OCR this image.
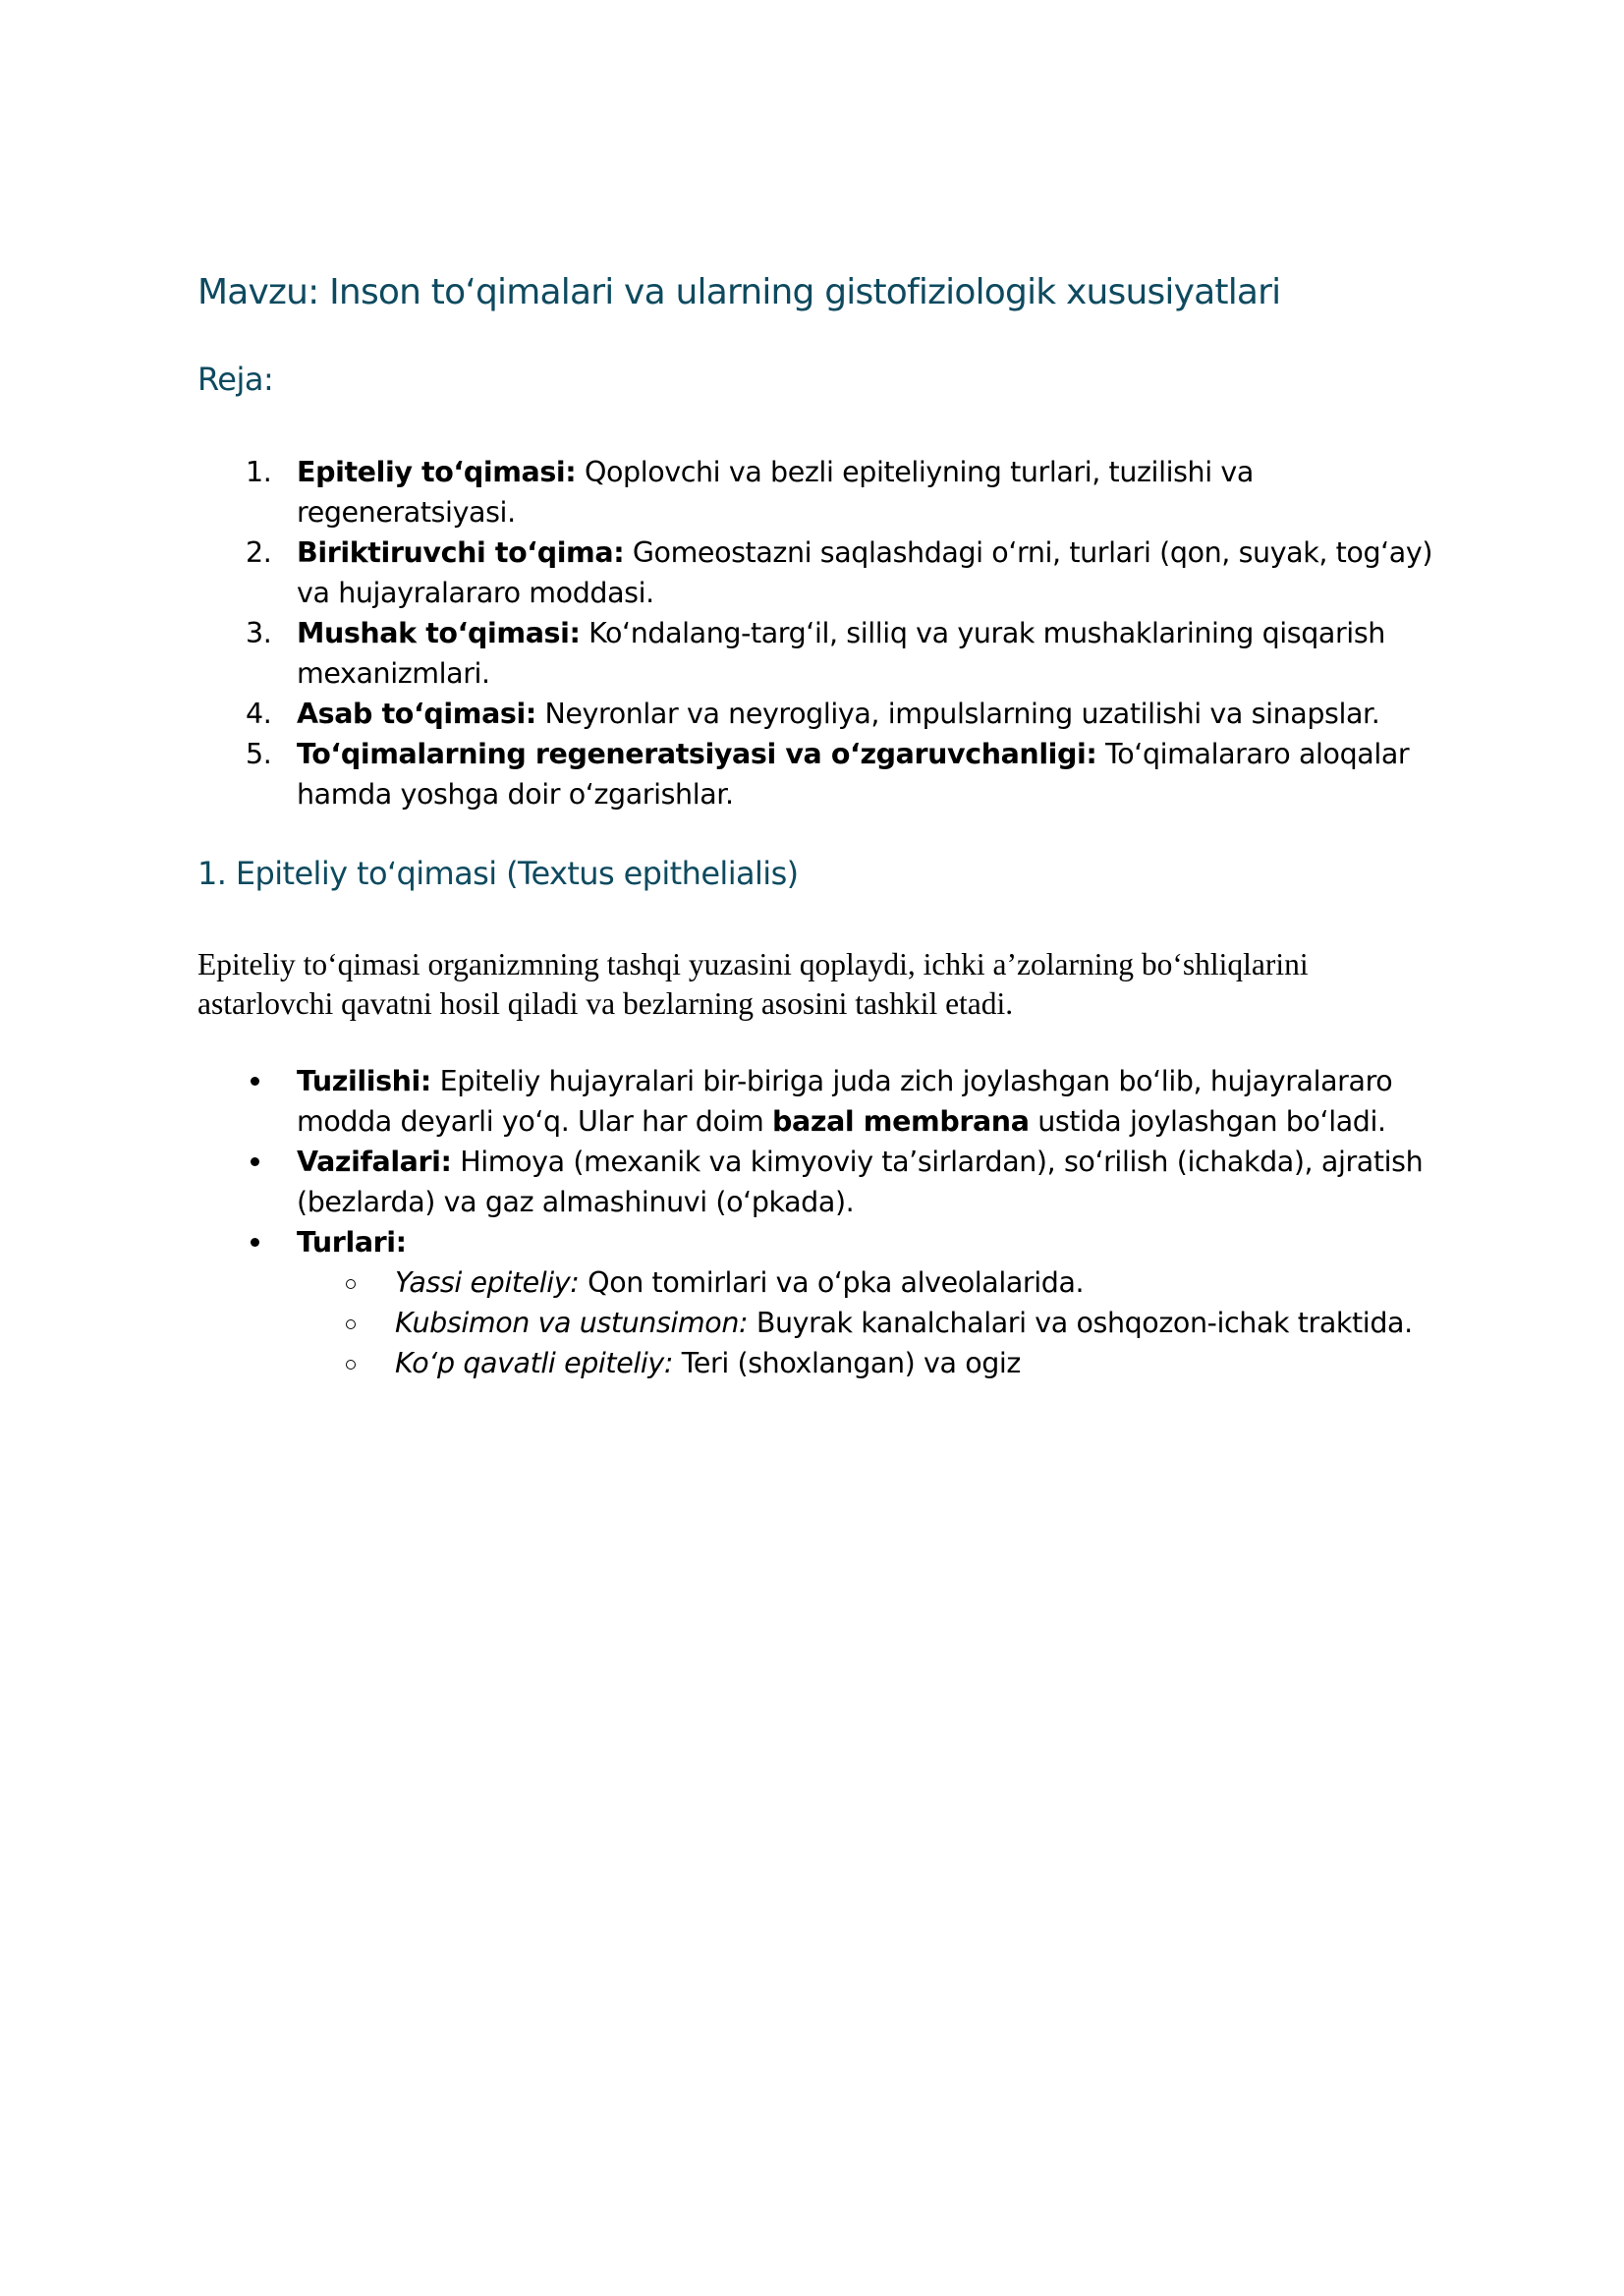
Mavzu: Inson to‘qimalari va ularning gistofiziologik xususiyatlari
Reja:
1. Epiteliy to‘qimasi: Qoplovchi va bezli epiteliyning turlari, tuzilishi va regeneratsiyasi.
2. Biriktiruvchi to‘qima: Gomeostazni saqlashdagi o‘rni, turlari (qon, suyak, tog‘ay) va hujayralararo moddasi.
3. Mushak to‘qimasi: Ko‘ndalang-targ‘il, silliq va yurak mushaklarining qisqarish mexanizmlari.
4. Asab to‘qimasi: Neyronlar va neyrogliya, impulslarning uzatilishi va sinapslar.
5. To‘qimalarning regeneratsiyasi va o‘zgaruvchanligi: To‘qimalararo aloqalar hamda yoshga doir o‘zgarishlar.
1. Epiteliy to‘qimasi (Textus epithelialis)

Epiteliy to‘qimasi organizmning tashqi yuzasini qoplaydi, ichki a’zolarning bo‘shliqlarini astarlovchi qavatni hosil qiladi va bezlarning asosini tashkil etadi.

Tuzilishi: Epiteliy hujayralari bir-biriga juda zich joylashgan bo‘lib, hujayralararo modda deyarli yo‘q. Ular har doim bazal membrana ustida joylashgan bo‘ladi.
Vazifalari: Himoya (mexanik va kimyoviy ta’sirlardan), so‘rilish (ichakda), ajratish (bezlarda) va gaz almashinuvi (o‘pkada).
Turlari:
Yassi epiteliy: Qon tomirlari va o‘pka alveolalarida.
Kubsimon va ustunsimon: Buyrak kanalchalari va oshqozon-ichak traktida.
Ko‘p qavatli epiteliy: Teri (shoxlangan) va ogiz
